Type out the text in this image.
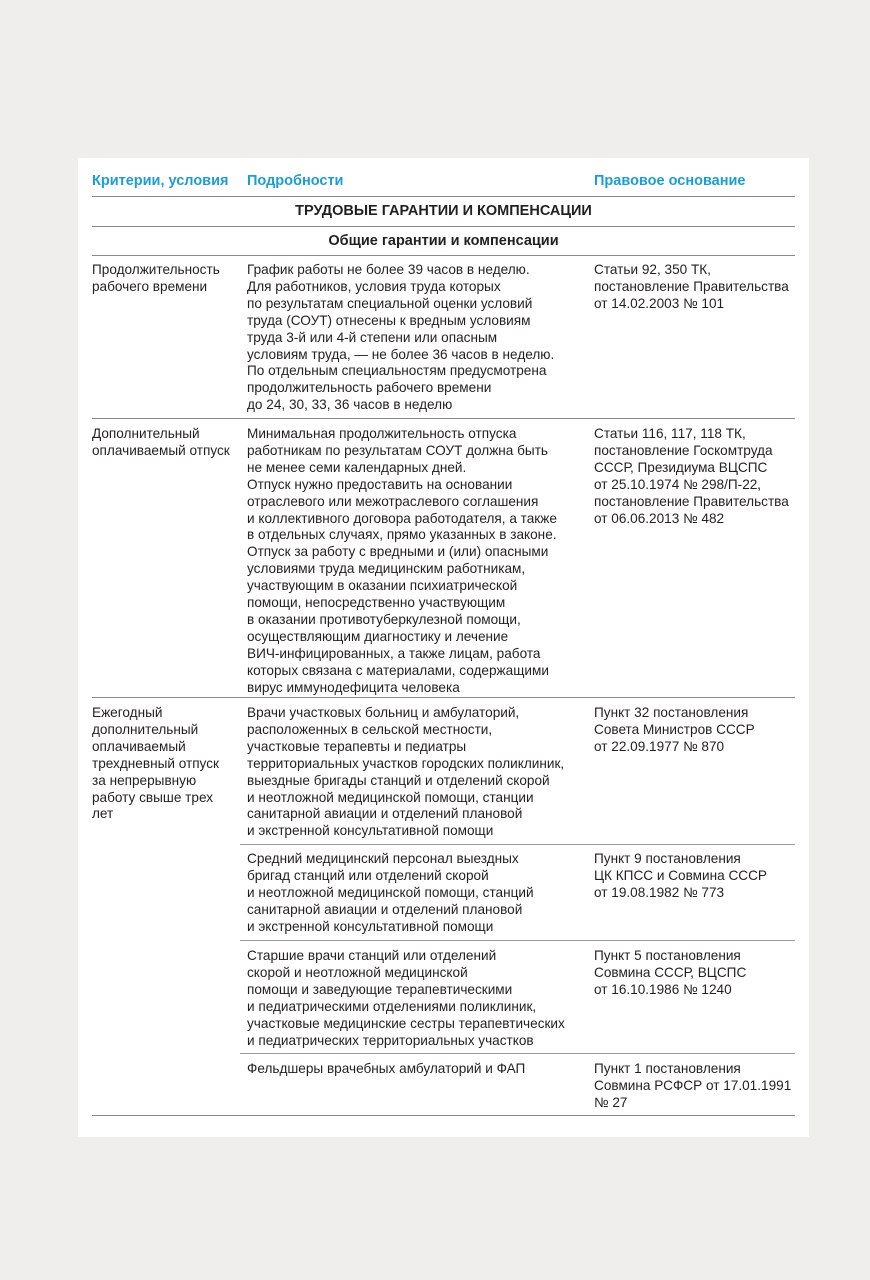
Критерии, условия Подробности	Правовое основание
ТРУДОВЫЕ ГАРАНТИИ И КОМПЕНСАЦИИ
Общие гарантии и компенсации
Продолжительность
рабочего времени
График работы не более 39 часов в неделю.
Для работников, условия труда которых
по результатам специальной оценки условий
труда (СОУТ) отнесены к вредным условиям
труда 3-й или 4-й степени или опасным
условиям труда, — не более 36 часов в неделю.
По отдельным специальностям предусмотрена
продолжительность рабочего времени
до 24, 30, 33, 36 часов в неделю
Статьи 92, 350 ТК,
постановление Правительства
от 14.02.2003 № 101
Дополнительный
оплачиваемый отпуск
Минимальная продолжительность отпуска
работникам по результатам СОУТ должна быть
не менее семи календарных дней.
Отпуск нужно предоставить на основании
отраслевого или межотраслевого соглашения
и коллективного договора работодателя, а также
в отдельных случаях, прямо указанных в законе.
Отпуск за работу с вредными и (или) опасными
условиями труда медицинским работникам,
участвующим в оказании психиатрической
помощи, непосредственно участвующим
в оказании противотуберкулезной помощи,
осуществляющим диагностику и лечение
ВИЧ-инфицированных, а также лицам, работа
которых связана с материалами, содержащими
вирус иммунодефицита человека
Статьи 116, 117, 118 ТК,
постановление Госкомтруда
СССР, Президиума ВЦСПС
от 25.10.1974 № 298/П-22,
постановление Правительства
от 06.06.2013 № 482
Ежегодный
дополнительный
оплачиваемый
трехдневный отпуск
за непрерывную
работу свыше трех
лет
Врачи участковых больниц и амбулаторий,
расположенных в сельской местности,
участковые терапевты и педиатры
территориальных участков городских поликлиник,
выездные бригады станций и отделений скорой
и неотложной медицинской помощи, станции
санитарной авиации и отделений плановой
и экстренной консультативной помощи
Пункт 32 постановления
Совета Министров СССР
от 22.09.1977 № 870
Средний медицинский персонал выездных
бригад станций или отделений скорой
и неотложной медицинской помощи, станций
санитарной авиации и отделений плановой
и экстренной консультативной помощи
Пункт 9 постановления
ЦК КПСС и Совмина СССР
от 19.08.1982 № 773
Старшие врачи станций или отделений
скорой и неотложной медицинской
помощи и заведующие терапевтическими
и педиатрическими отделениями поликлиник,
участковые медицинские сестры терапевтических
и педиатрических территориальных участков
Пункт 5 постановления
Совмина СССР, ВЦСПС
от 16.10.1986 № 1240
Фельдшеры врачебных амбулаторий и ФАП	Пункт 1 постановления
Совмина РСФСР от 17.01.1991
№ 27
